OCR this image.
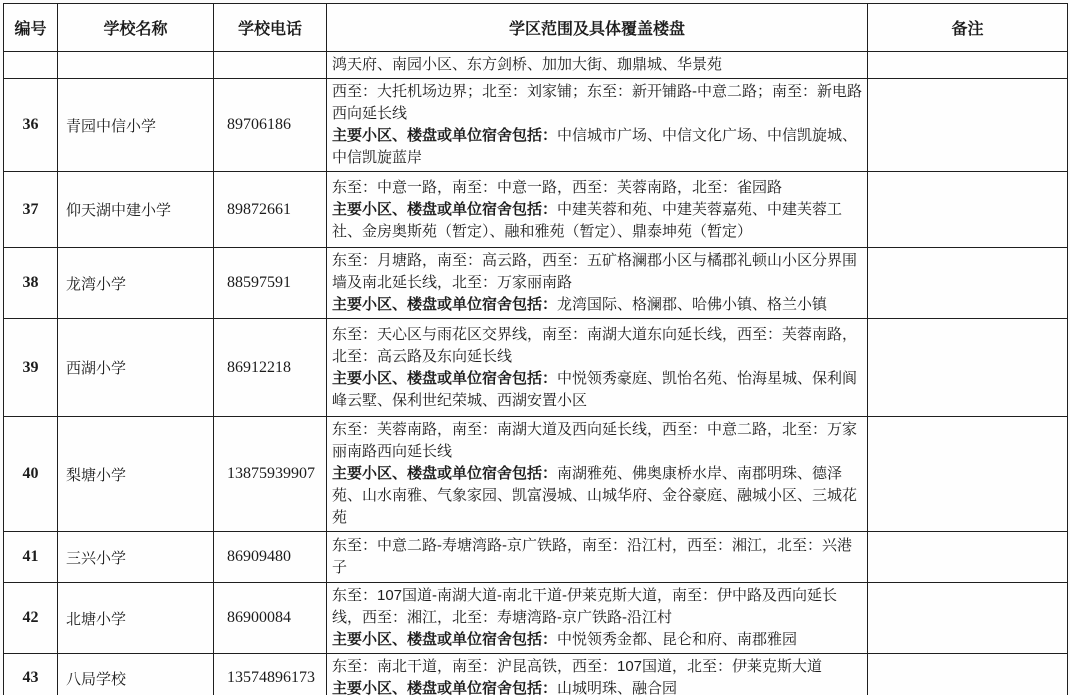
编号	学校名称	学校电话	学区范围及具体覆盖楼盘	备注

			鸿天府、南园小区、东方剑桥、加加大街、珈鼎城、华景苑	

36	青园中信小学	89706186	西至：大托机场边界；北至：刘家铺；东至：新开铺路-中意二路；南至：新电路西向延长线
主要小区、楼盘或单位宿舍包括：中信城市广场、中信文化广场、中信凯旋城、中信凯旋蓝岸	

37	仰天湖中建小学	89872661	东至：中意一路，南至：中意一路，西至：芙蓉南路，北至：雀园路
主要小区、楼盘或单位宿舍包括：中建芙蓉和苑、中建芙蓉嘉苑、中建芙蓉工社、金房奥斯苑（暂定）、融和雅苑（暂定）、鼎泰坤苑（暂定）	

38	龙湾小学	88597591	东至：月塘路，南至：高云路，西至：五矿格澜郡小区与橘郡礼顿山小区分界围墙及南北延长线，北至：万家丽南路
主要小区、楼盘或单位宿舍包括：龙湾国际、格澜郡、哈佛小镇、格兰小镇	

39	西湖小学	86912218	东至：天心区与雨花区交界线，南至：南湖大道东向延长线，西至：芙蓉南路，北至：高云路及东向延长线
主要小区、楼盘或单位宿舍包括：中悦领秀豪庭、凯怡名苑、怡海星城、保利阆峰云墅、保利世纪荣城、西湖安置小区	

40	梨塘小学	13875939907	东至：芙蓉南路，南至：南湖大道及西向延长线，西至：中意二路，北至：万家丽南路西向延长线
主要小区、楼盘或单位宿舍包括：南湖雅苑、佛奥康桥水岸、南郡明珠、德泽苑、山水南雅、气象家园、凯富漫城、山城华府、金谷豪庭、融城小区、三城花苑	

41	三兴小学	86909480	东至：中意二路-寿塘湾路-京广铁路，南至：沿江村，西至：湘江，北至：兴港子	

42	北塘小学	86900084	东至：107国道-南湖大道-南北干道-伊莱克斯大道，南至：伊中路及西向延长线，西至：湘江，北至：寿塘湾路-京广铁路-沿江村
主要小区、楼盘或单位宿舍包括：中悦领秀金都、昆仑和府、南郡雅园	

43	八局学校	13574896173	东至：南北干道，南至：沪昆高铁，西至：107国道，北至：伊莱克斯大道
主要小区、楼盘或单位宿舍包括：山城明珠、融合园	
